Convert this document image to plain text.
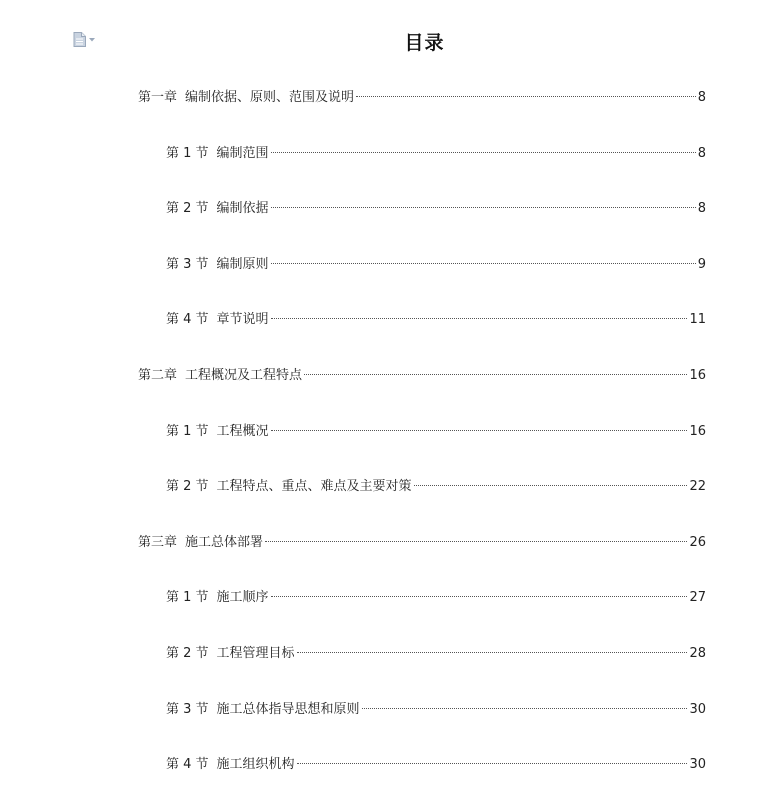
目录
第一章 编制依据、原则、范围及说明	8
第 1 节 编制范围	8
第 2 节 编制依据	8
第 3 节 编制原则	9
第 4 节 章节说明	11
第二章 工程概况及工程特点	16
第 1 节 工程概况	16
第 2 节 工程特点、重点、难点及主要对策	22
第三章 施工总体部署	26
第 1 节 施工顺序	27
第 2 节 工程管理目标	28
第 3 节 施工总体指导思想和原则	30
第 4 节 施工组织机构	30
